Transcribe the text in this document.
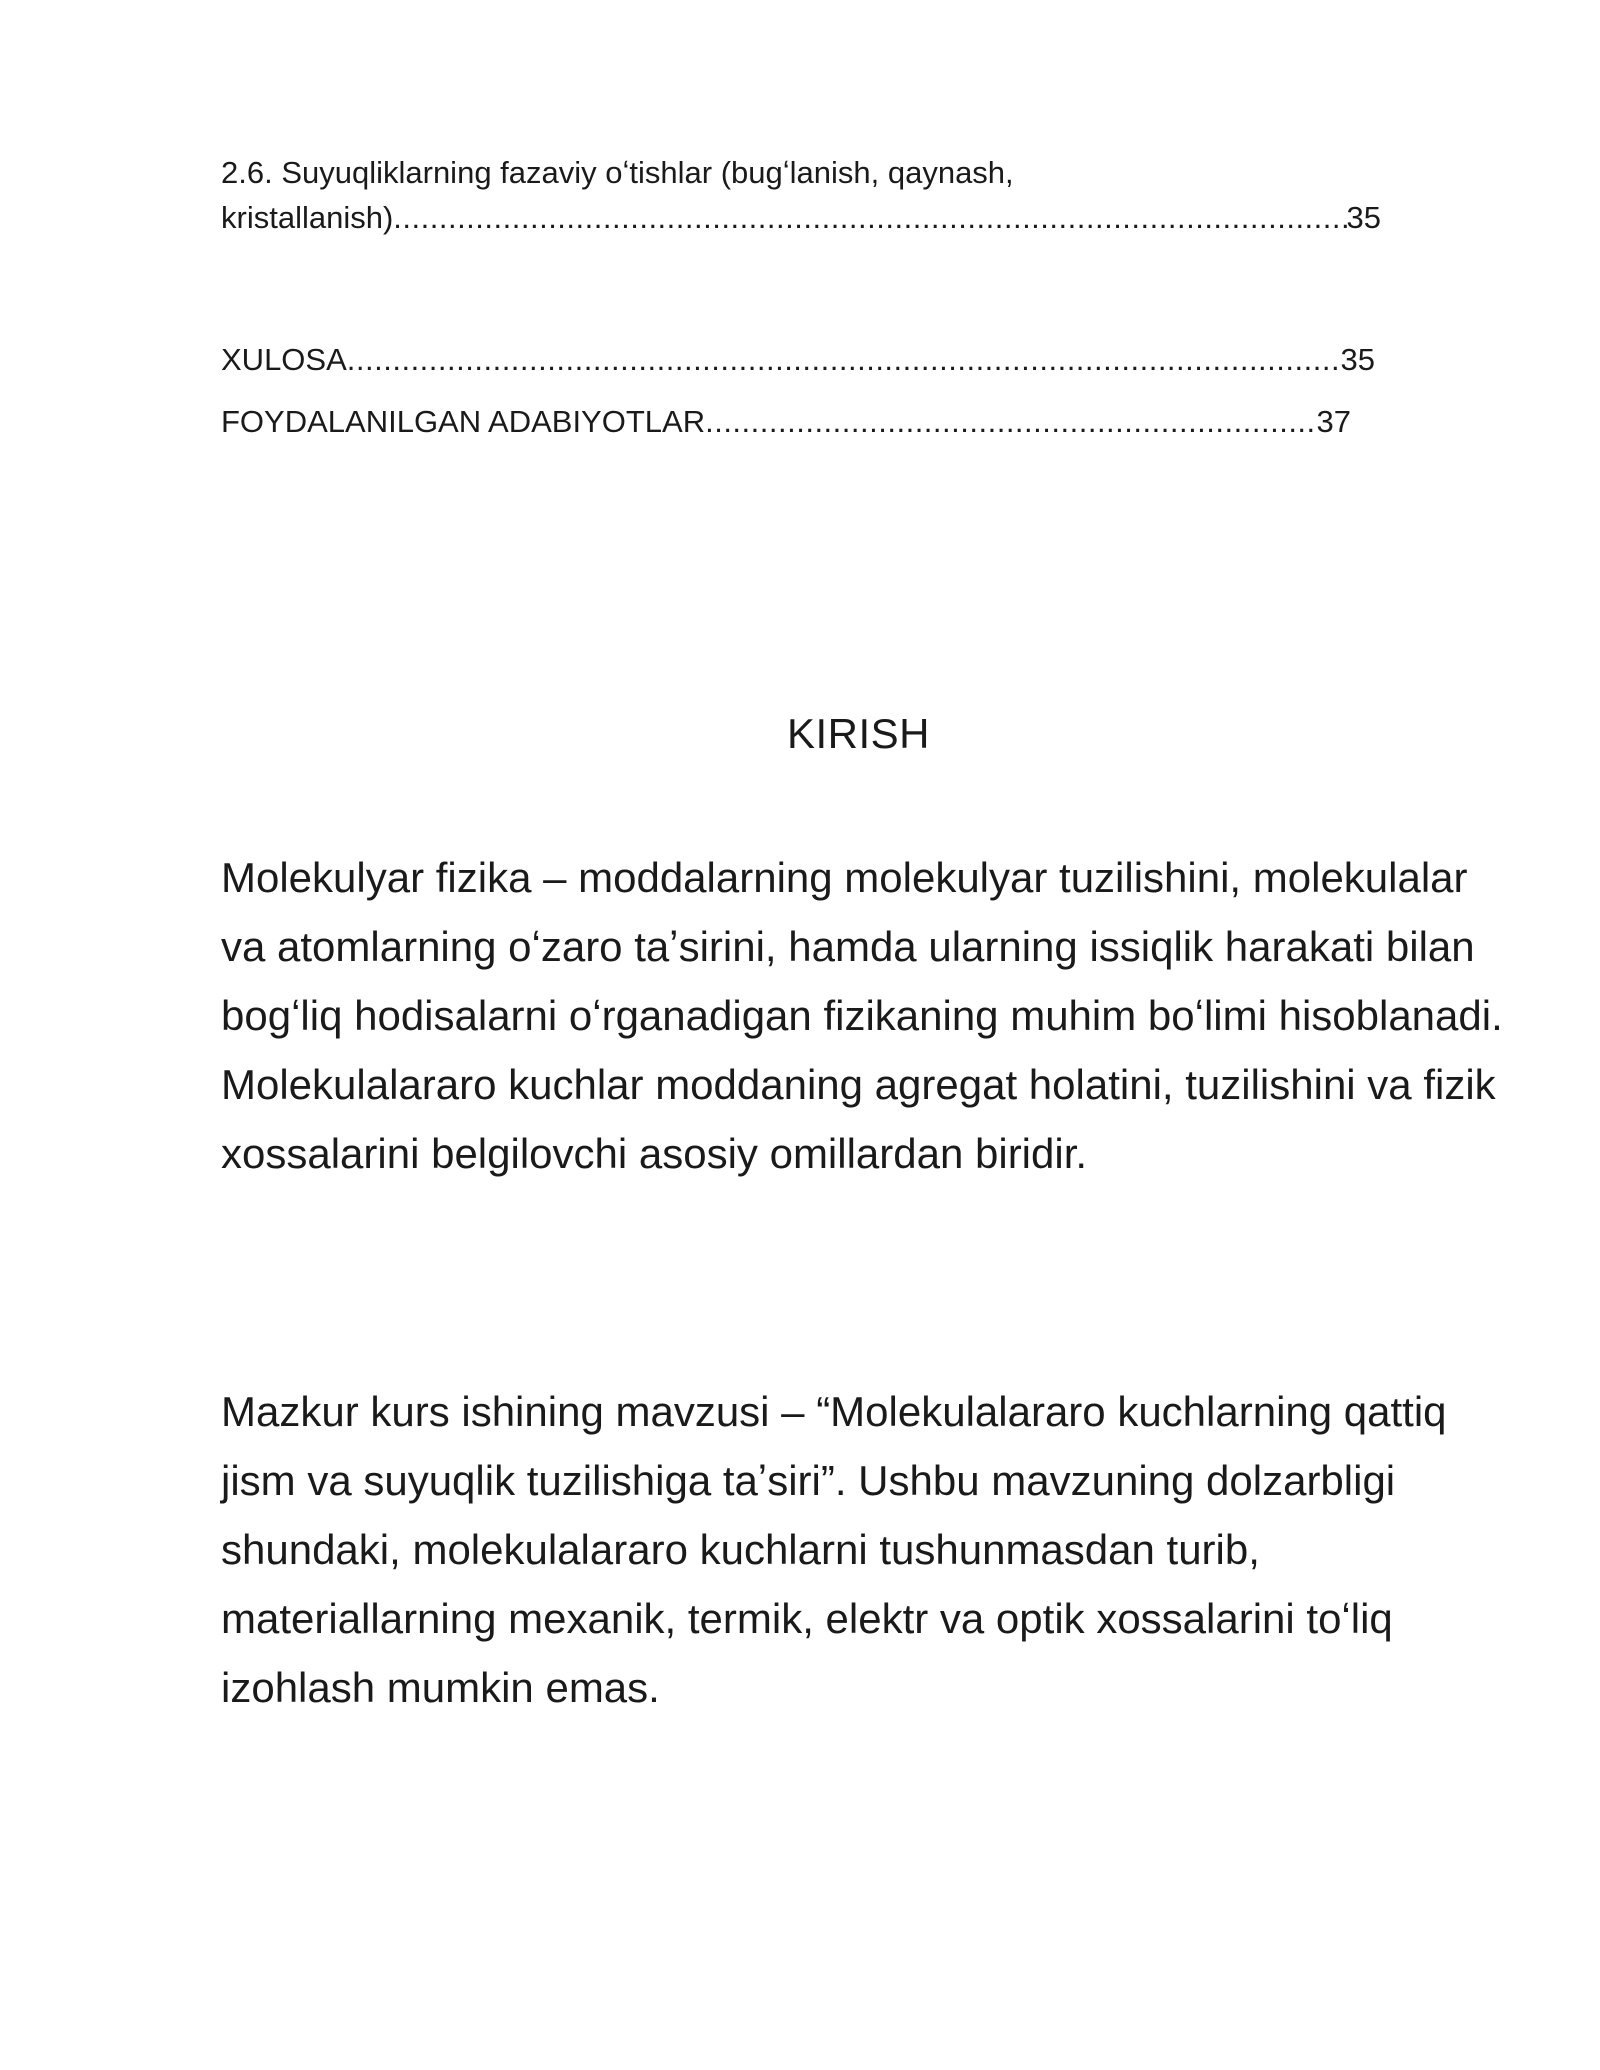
2.6. Suyuqliklarning fazaviy oʻtishlar (bugʻlanish, qaynash,
kristallanish) .....	35
XULOSA .....	35
FOYDALANILGAN ADABIYOTLAR .....	37
KIRISH

Molekulyar fizika – moddalarning molekulyar tuzilishini, molekulalar va atomlarning oʻzaro taʼsirini, hamda ularning issiqlik harakati bilan bogʻliq hodisalarni oʻrganadigan fizikaning muhim boʻlimi hisoblanadi. Molekulalararo kuchlar moddaning agregat holatini, tuzilishini va fizik xossalarini belgilovchi asosiy omillardan biridir.

Mazkur kurs ishining mavzusi – “Molekulalararo kuchlarning qattiq jism va suyuqlik tuzilishiga taʼsiri”. Ushbu mavzuning dolzarbligi shundaki, molekulalararo kuchlarni tushunmasdan turib, materiallarning mexanik, termik, elektr va optik xossalarini toʻliq izohlash mumkin emas.
